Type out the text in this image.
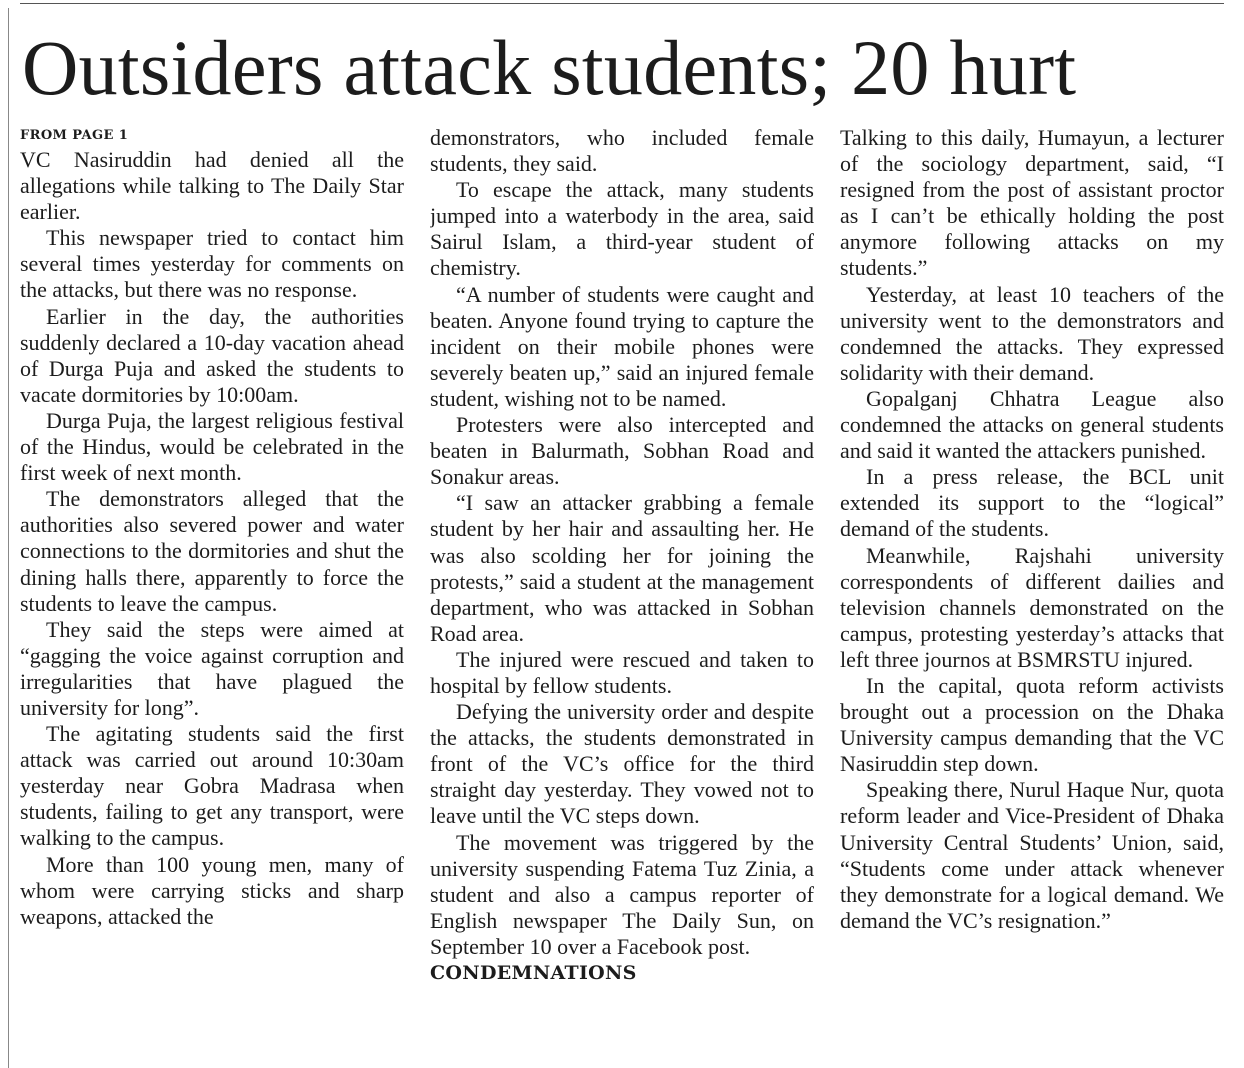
Outsiders attack students; 20 hurt
FROM PAGE 1

VC Nasiruddin had denied all the allegations while talking to The Daily Star earlier.

This newspaper tried to contact him several times yesterday for comments on the attacks, but there was no response.

Earlier in the day, the authorities suddenly declared a 10-day vacation ahead of Durga Puja and asked the students to vacate dormitories by 10:00am.

Durga Puja, the largest religious festival of the Hindus, would be celebrated in the first week of next month.

The demonstrators alleged that the authorities also severed power and water connections to the dormitories and shut the dining halls there, apparently to force the students to leave the campus.

They said the steps were aimed at “gagging the voice against corruption and irregularities that have plagued the university for long”.

The agitating students said the first attack was carried out around 10:30am yesterday near Gobra Madrasa when students, failing to get any transport, were walking to the campus.

More than 100 young men, many of whom were carrying sticks and sharp weapons, attacked the

demonstrators, who included female students, they said.

To escape the attack, many students jumped into a waterbody in the area, said Sairul Islam, a third-year student of chemistry.

“A number of students were caught and beaten. Anyone found trying to capture the incident on their mobile phones were severely beaten up,” said an injured female student, wishing not to be named.

Protesters were also intercepted and beaten in Balurmath, Sobhan Road and Sonakur areas.

“I saw an attacker grabbing a female student by her hair and assaulting her. He was also scolding her for joining the protests,” said a student at the management department, who was attacked in Sobhan Road area.

The injured were rescued and taken to hospital by fellow students.

Defying the university order and despite the attacks, the students demonstrated in front of the VC’s office for the third straight day yesterday. They vowed not to leave until the VC steps down.

The movement was triggered by the university suspending Fatema Tuz Zinia, a student and also a campus reporter of English newspaper The Daily Sun, on September 10 over a Facebook post.

CONDEMNATIONS

Talking to this daily, Humayun, a lecturer of the sociology department, said, “I resigned from the post of assistant proctor as I can’t be ethically holding the post anymore following attacks on my students.”

Yesterday, at least 10 teachers of the university went to the demonstrators and condemned the attacks. They expressed solidarity with their demand.

Gopalganj Chhatra League also condemned the attacks on general students and said it wanted the attackers punished.

In a press release, the BCL unit extended its support to the “logical” demand of the students.

Meanwhile, Rajshahi university correspondents of different dailies and television channels demonstrated on the campus, protesting yesterday’s attacks that left three journos at BSMRSTU injured.

In the capital, quota reform activists brought out a procession on the Dhaka University campus demanding that the VC Nasiruddin step down.

Speaking there, Nurul Haque Nur, quota reform leader and Vice-President of Dhaka University Central Students’ Union, said, “Students come under attack whenever they demonstrate for a logical demand. We demand the VC’s resignation.”
